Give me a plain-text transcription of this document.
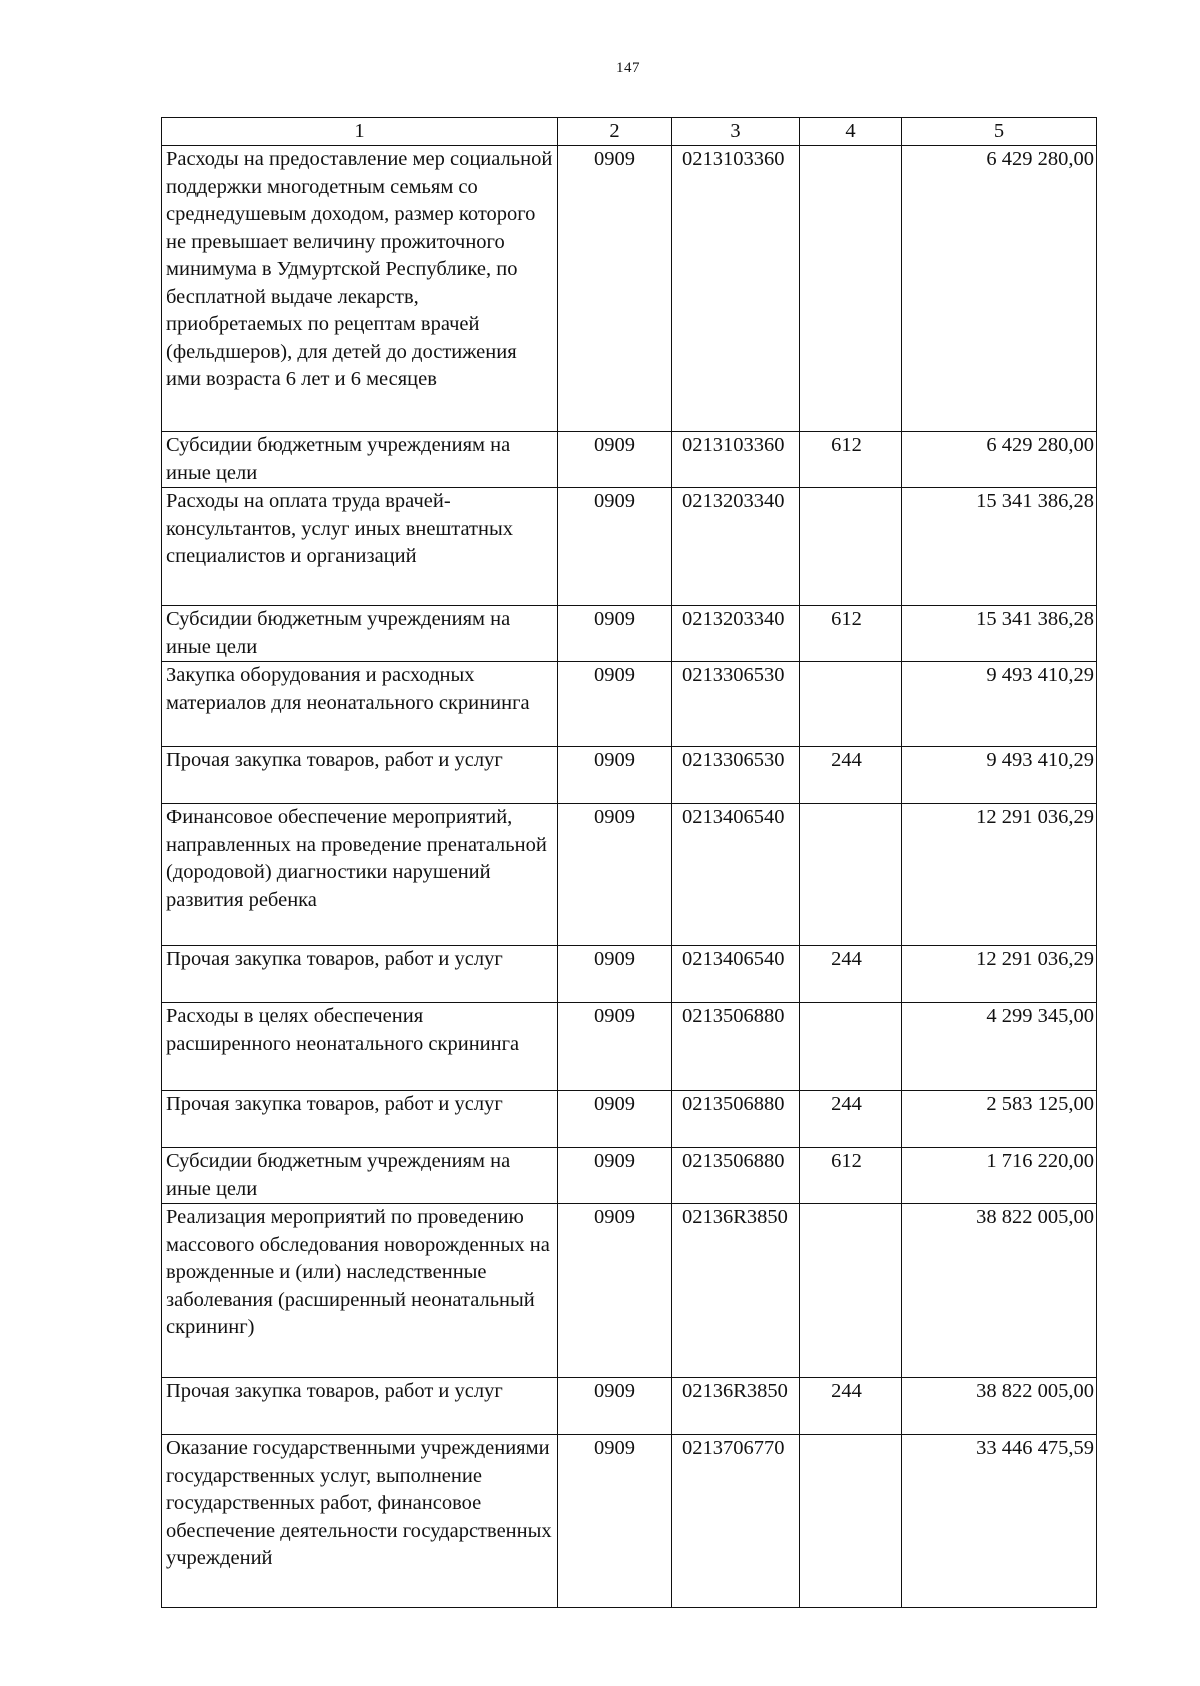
147
1	2	3	4	5
Расходы на предоставление мер социальной поддержки многодетным семьям со среднедушевым доходом, размер которого не превышает величину прожиточного минимума в Удмуртской Республике, по бесплатной выдаче лекарств, приобретаемых по рецептам врачей (фельдшеров), для детей до достижения ими возраста 6 лет и 6 месяцев	0909	0213103360		6 429 280,00
Субсидии бюджетным учреждениям на иные цели	0909	0213103360	612	6 429 280,00
Расходы на оплата труда врачей-консультантов, услуг иных внештатных специалистов и организаций	0909	0213203340		15 341 386,28
Субсидии бюджетным учреждениям на иные цели	0909	0213203340	612	15 341 386,28
Закупка оборудования и расходных материалов для неонатального скрининга	0909	0213306530		9 493 410,29
Прочая закупка товаров, работ и услуг	0909	0213306530	244	9 493 410,29
Финансовое обеспечение мероприятий, направленных на проведение пренатальной (дородовой) диагностики нарушений развития ребенка	0909	0213406540		12 291 036,29
Прочая закупка товаров, работ и услуг	0909	0213406540	244	12 291 036,29
Расходы в целях обеспечения расширенного неонатального скрининга	0909	0213506880		4 299 345,00
Прочая закупка товаров, работ и услуг	0909	0213506880	244	2 583 125,00
Субсидии бюджетным учреждениям на иные цели	0909	0213506880	612	1 716 220,00
Реализация мероприятий по проведению массового обследования новорожденных на врожденные и (или) наследственные заболевания (расширенный неонатальный скрининг)	0909	02136R3850		38 822 005,00
Прочая закупка товаров, работ и услуг	0909	02136R3850	244	38 822 005,00
Оказание государственными учреждениями государственных услуг, выполнение государственных работ, финансовое обеспечение деятельности государственных учреждений	0909	0213706770		33 446 475,59
